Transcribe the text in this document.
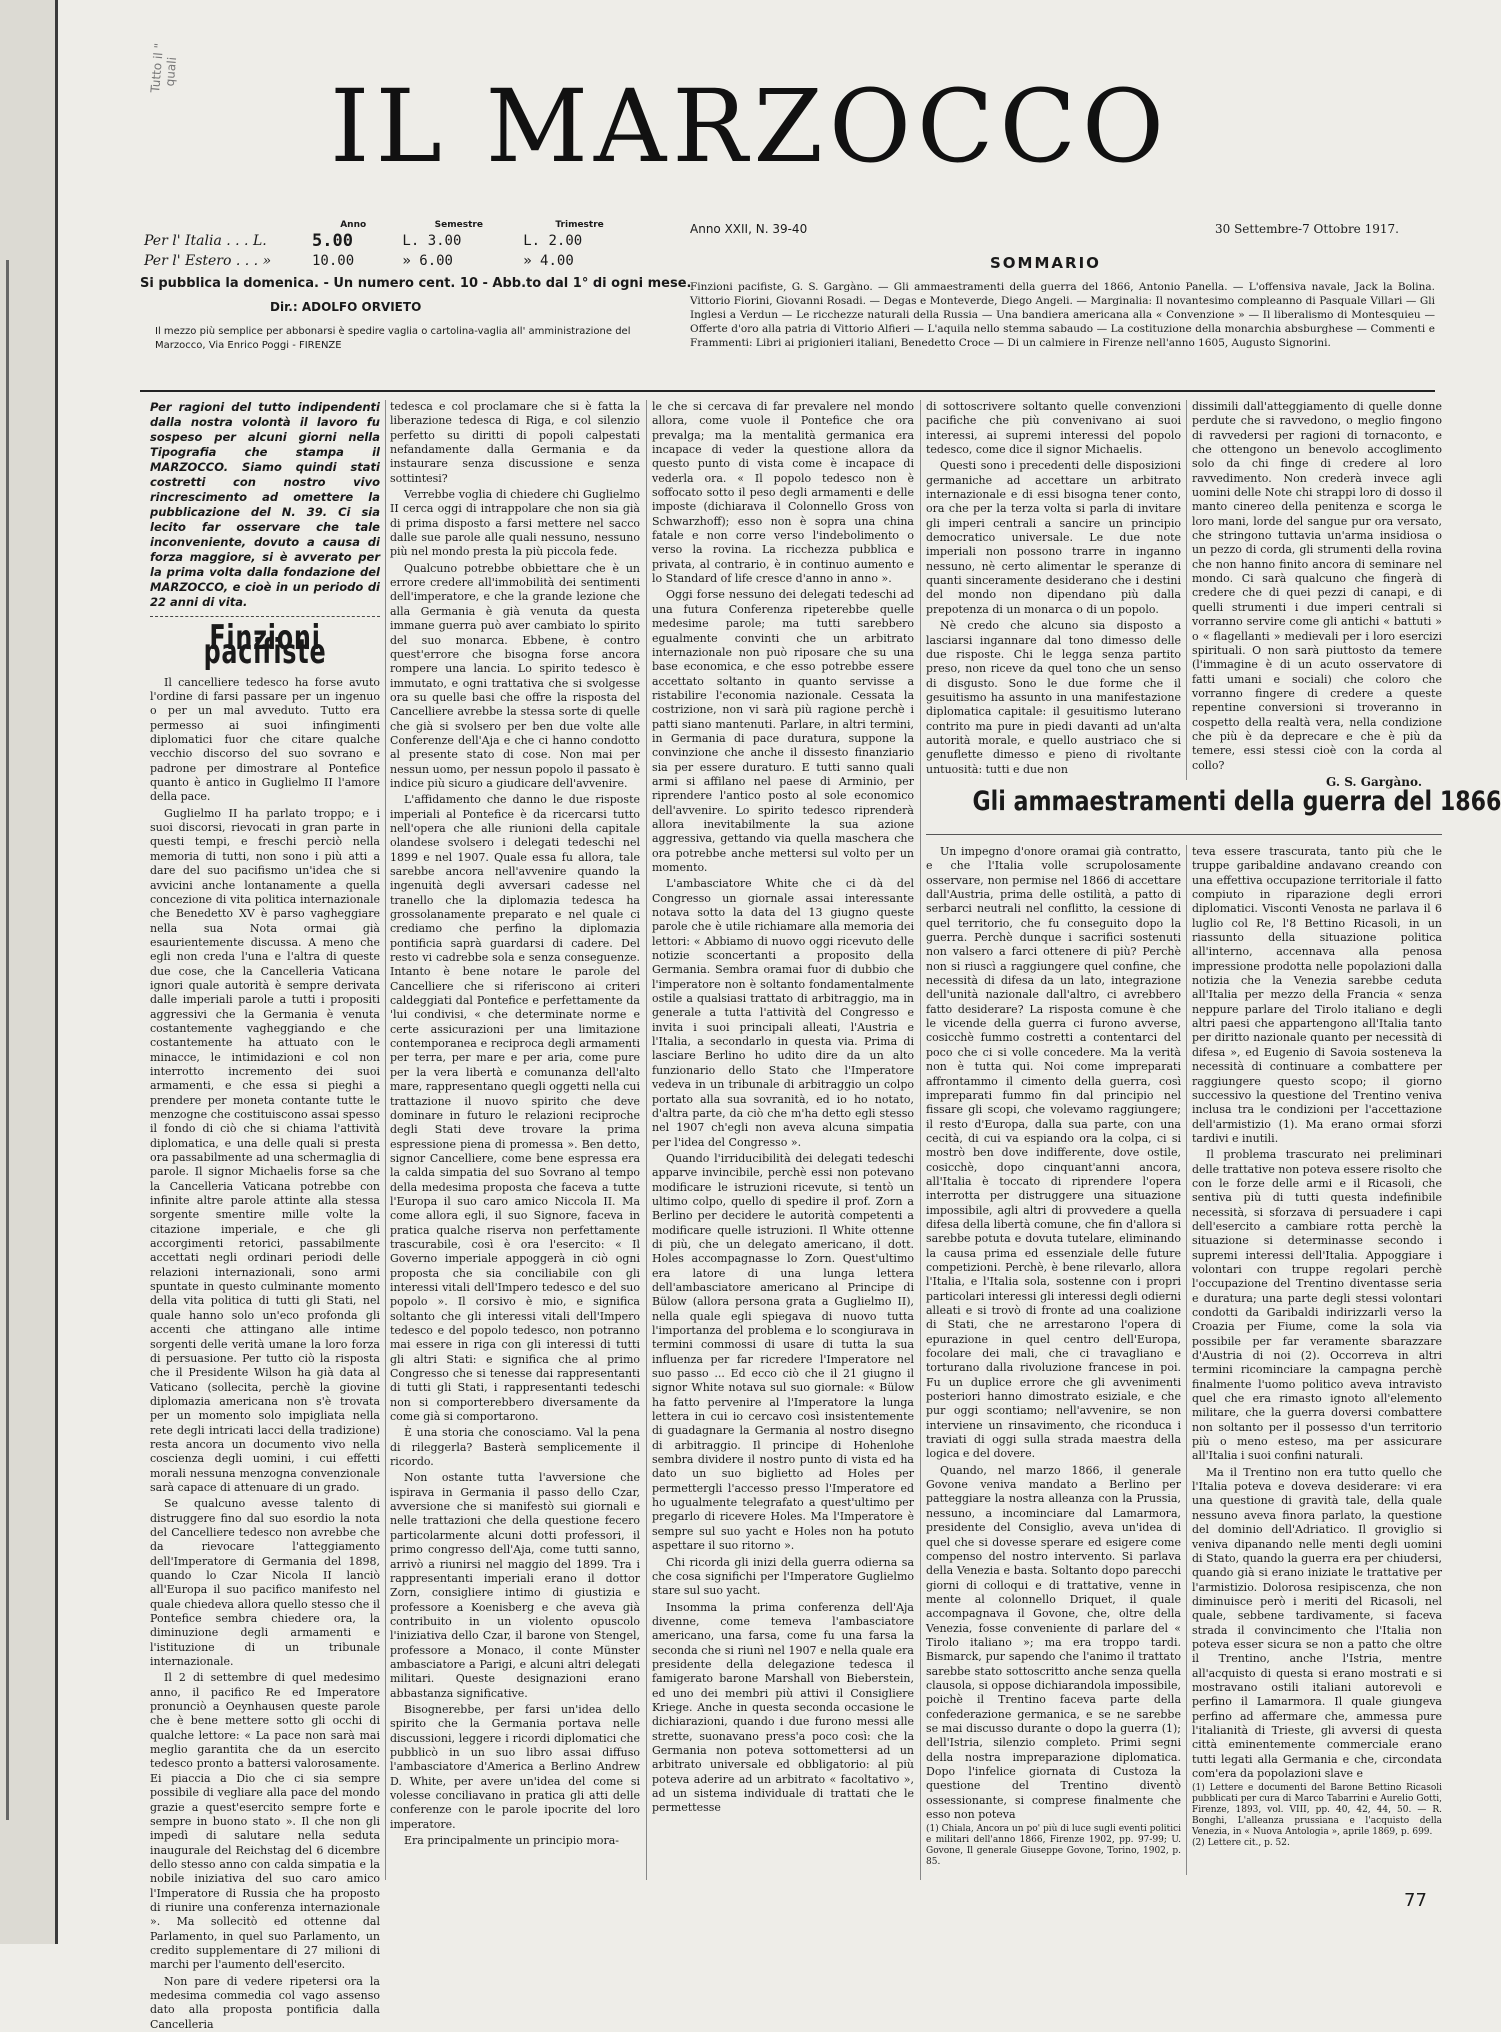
Tutto il "
quali IL MARZOCCO
	Anno	Semestre	Trimestre
Per l' Italia . . . L.	5.00	L. 3.00	L. 2.00
Per l' Estero . . . »	10.00	» 6.00	» 4.00
Si pubblica la domenica. - Un numero cent. 10 - Abb.to dal 1° di ogni mese.
Dir.: ADOLFO ORVIETO
Il mezzo più semplice per abbonarsi è spedire vaglia o cartolina-vaglia all' amministrazione del Marzocco, Via Enrico Poggi - FIRENZE
Anno XXII, N. 39-40	30 Settembre-7 Ottobre 1917.
SOMMARIO
Finzioni pacifiste, G. S. Gargàno. — Gli ammaestramenti della guerra del 1866, Antonio Panella. — L'offensiva navale, Jack la Bolina. Vittorio Fiorini, Giovanni Rosadi. — Degas e Monteverde, Diego Angeli. — Marginalia: Il novantesimo compleanno di Pasquale Villari — Gli Inglesi a Verdun — Le ricchezze naturali della Russia — Una bandiera americana alla « Convenzione » — Il liberalismo di Montesquieu — Offerte d'oro alla patria di Vittorio Alfieri — L'aquila nello stemma sabaudo — La costituzione della monarchia absburghese — Commenti e Frammenti: Libri ai prigionieri italiani, Benedetto Croce — Di un calmiere in Firenze nell'anno 1605, Augusto Signorini.

Per ragioni del tutto indipendenti dalla nostra volontà il lavoro fu sospeso per alcuni giorni nella Tipografia che stampa il MARZOCCO. Siamo quindi stati costretti con nostro vivo rincrescimento ad omettere la pubblicazione del N. 39. Ci sia lecito far osservare che tale inconveniente, dovuto a causa di forza maggiore, si è avverato per la prima volta dalla fondazione del MARZOCCO, e cioè in un periodo di 22 anni di vita.

Finzioni pacifiste

Il cancelliere tedesco ha forse avuto l'ordine di farsi passare per un ingenuo o per un mal avveduto. Tutto era permesso ai suoi infingimenti diplomatici fuor che citare qualche vecchio discorso del suo sovrano e padrone per dimostrare al Pontefice quanto è antico in Guglielmo II l'amore della pace.

Guglielmo II ha parlato troppo; e i suoi discorsi, rievocati in gran parte in questi tempi, e freschi perciò nella memoria di tutti, non sono i più atti a dare del suo pacifismo un'idea che si avvicini anche lontanamente a quella concezione di vita politica internazionale che Benedetto XV è parso vagheggiare nella sua Nota ormai già esaurientemente discussa. A meno che egli non creda l'una e l'altra di queste due cose, che la Cancelleria Vaticana ignori quale autorità è sempre derivata dalle imperiali parole a tutti i propositi aggressivi che la Germania è venuta costantemente vagheggiando e che costantemente ha attuato con le minacce, le intimidazioni e col non interrotto incremento dei suoi armamenti, e che essa si pieghi a prendere per moneta contante tutte le menzogne che costituiscono assai spesso il fondo di ciò che si chiama l'attività diplomatica, e una delle quali si presta ora passabilmente ad una schermaglia di parole. Il signor Michaelis forse sa che la Cancelleria Vaticana potrebbe con infinite altre parole attinte alla stessa sorgente smentire mille volte la citazione imperiale, e che gli accorgimenti retorici, passabilmente accettati negli ordinari periodi delle relazioni internazionali, sono armi spuntate in questo culminante momento della vita politica di tutti gli Stati, nel quale hanno solo un'eco profonda gli accenti che attingano alle intime sorgenti delle verità umane la loro forza di persuasione. Per tutto ciò la risposta che il Presidente Wilson ha già data al Vaticano (sollecita, perchè la giovine diplomazia americana non s'è trovata per un momento solo impigliata nella rete degli intricati lacci della tradizione) resta ancora un documento vivo nella coscienza degli uomini, i cui effetti morali nessuna menzogna convenzionale sarà capace di attenuare di un grado.

Se qualcuno avesse talento di distruggere fino dal suo esordio la nota del Cancelliere tedesco non avrebbe che da rievocare l'atteggiamento dell'Imperatore di Germania del 1898, quando lo Czar Nicola II lanciò all'Europa il suo pacifico manifesto nel quale chiedeva allora quello stesso che il Pontefice sembra chiedere ora, la diminuzione degli armamenti e l'istituzione di un tribunale internazionale.

Il 2 di settembre di quel medesimo anno, il pacifico Re ed Imperatore pronunciò a Oeynhausen queste parole che è bene mettere sotto gli occhi di qualche lettore: « La pace non sarà mai meglio garantita che da un esercito tedesco pronto a battersi valorosamente. Ei piaccia a Dio che ci sia sempre possibile di vegliare alla pace del mondo grazie a quest'esercito sempre forte e sempre in buono stato ». Il che non gli impedì di salutare nella seduta inaugurale del Reichstag del 6 dicembre dello stesso anno con calda simpatia e la nobile iniziativa del suo caro amico l'Imperatore di Russia che ha proposto di riunire una conferenza internazionale ». Ma sollecitò ed ottenne dal Parlamento, in quel suo Parlamento, un credito supplementare di 27 milioni di marchi per l'aumento dell'esercito.

Non pare di vedere ripetersi ora la medesima commedia col vago assenso dato alla proposta pontificia dalla Cancelleria

tedesca e col proclamare che si è fatta la liberazione tedesca di Riga, e col silenzio perfetto su diritti di popoli calpestati nefandamente dalla Germania e da instaurare senza discussione e senza sottintesi?

Verrebbe voglia di chiedere chi Guglielmo II cerca oggi di intrappolare che non sia già di prima disposto a farsi mettere nel sacco dalle sue parole alle quali nessuno, nessuno più nel mondo presta la più piccola fede.

Qualcuno potrebbe obbiettare che è un errore credere all'immobilità dei sentimenti dell'imperatore, e che la grande lezione che alla Germania è già venuta da questa immane guerra può aver cambiato lo spirito del suo monarca. Ebbene, è contro quest'errore che bisogna forse ancora rompere una lancia. Lo spirito tedesco è immutato, e ogni trattativa che si svolgesse ora su quelle basi che offre la risposta del Cancelliere avrebbe la stessa sorte di quelle che già si svolsero per ben due volte alle Conferenze dell'Aja e che ci hanno condotto al presente stato di cose. Non mai per nessun uomo, per nessun popolo il passato è indice più sicuro a giudicare dell'avvenire.

L'affidamento che danno le due risposte imperiali al Pontefice è da ricercarsi tutto nell'opera che alle riunioni della capitale olandese svolsero i delegati tedeschi nel 1899 e nel 1907. Quale essa fu allora, tale sarebbe ancora nell'avvenire quando la ingenuità degli avversari cadesse nel tranello che la diplomazia tedesca ha grossolanamente preparato e nel quale ci crediamo che perfino la diplomazia pontificia saprà guardarsi di cadere. Del resto vi cadrebbe sola e senza conseguenze. Intanto è bene notare le parole del Cancelliere che si riferiscono ai criteri caldeggiati dal Pontefice e perfettamente da 'lui condivisi, « che determinate norme e certe assicurazioni per una limitazione contemporanea e reciproca degli armamenti per terra, per mare e per aria, come pure per la vera libertà e comunanza dell'alto mare, rappresentano quegli oggetti nella cui trattazione il nuovo spirito che deve dominare in futuro le relazioni reciproche degli Stati deve trovare la prima espressione piena di promessa ». Ben detto, signor Cancelliere, come bene espressa era la calda simpatia del suo Sovrano al tempo della medesima proposta che faceva a tutte l'Europa il suo caro amico Niccola II. Ma come allora egli, il suo Signore, faceva in pratica qualche riserva non perfettamente trascurabile, così è ora l'esercito: « Il Governo imperiale appoggerà in ciò ogni proposta che sia conciliabile con gli interessi vitali dell'Impero tedesco e del suo popolo ». Il corsivo è mio, e significa soltanto che gli interessi vitali dell'Impero tedesco e del popolo tedesco, non potranno mai essere in riga con gli interessi di tutti gli altri Stati: e significa che al primo Congresso che si tenesse dai rappresentanti di tutti gli Stati, i rappresentanti tedeschi non si comporterebbero diversamente da come già si comportarono.

È una storia che conosciamo. Val la pena di rileggerla? Basterà semplicemente il ricordo.

Non ostante tutta l'avversione che ispirava in Germania il passo dello Czar, avversione che si manifestò sui giornali e nelle trattazioni che della questione fecero particolarmente alcuni dotti professori, il primo congresso dell'Aja, come tutti sanno, arrivò a riunirsi nel maggio del 1899. Tra i rappresentanti imperiali erano il dottor Zorn, consigliere intimo di giustizia e professore a Koenisberg e che aveva già contribuito in un violento opuscolo l'iniziativa dello Czar, il barone von Stengel, professore a Monaco, il conte Münster ambasciatore a Parigi, e alcuni altri delegati militari. Queste designazioni erano abbastanza significative.

Bisognerebbe, per farsi un'idea dello spirito che la Germania portava nelle discussioni, leggere i ricordi diplomatici che pubblicò in un suo libro assai diffuso l'ambasciatore d'America a Berlino Andrew D. White, per avere un'idea del come si volesse conciliavano in pratica gli atti delle conferenze con le parole ipocrite del loro imperatore.

Era principalmente un principio mora-

le che si cercava di far prevalere nel mondo allora, come vuole il Pontefice che ora prevalga; ma la mentalità germanica era incapace di veder la questione allora da questo punto di vista come è incapace di vederla ora. « Il popolo tedesco non è soffocato sotto il peso degli armamenti e delle imposte (dichiarava il Colonnello Gross von Schwarzhoff); esso non è sopra una china fatale e non corre verso l'indebolimento o verso la rovina. La ricchezza pubblica e privata, al contrario, è in continuo aumento e lo Standard of life cresce d'anno in anno ».

Oggi forse nessuno dei delegati tedeschi ad una futura Conferenza ripeterebbe quelle medesime parole; ma tutti sarebbero egualmente convinti che un arbitrato internazionale non può riposare che su una base economica, e che esso potrebbe essere accettato soltanto in quanto servisse a ristabilire l'economia nazionale. Cessata la costrizione, non vi sarà più ragione perchè i patti siano mantenuti. Parlare, in altri termini, in Germania di pace duratura, suppone la convinzione che anche il dissesto finanziario sia per essere duraturo. E tutti sanno quali armi si affilano nel paese di Arminio, per riprendere l'antico posto al sole economico dell'avvenire. Lo spirito tedesco riprenderà allora inevitabilmente la sua azione aggressiva, gettando via quella maschera che ora potrebbe anche mettersi sul volto per un momento.

L'ambasciatore White che ci dà del Congresso un giornale assai interessante notava sotto la data del 13 giugno queste parole che è utile richiamare alla memoria dei lettori: « Abbiamo di nuovo oggi ricevuto delle notizie sconcertanti a proposito della Germania. Sembra oramai fuor di dubbio che l'imperatore non è soltanto fondamentalmente ostile a qualsiasi trattato di arbitraggio, ma in generale a tutta l'attività del Congresso e invita i suoi principali alleati, l'Austria e l'Italia, a secondarlo in questa via. Prima di lasciare Berlino ho udito dire da un alto funzionario dello Stato che l'Imperatore vedeva in un tribunale di arbitraggio un colpo portato alla sua sovranità, ed io ho notato, d'altra parte, da ciò che m'ha detto egli stesso nel 1907 ch'egli non aveva alcuna simpatia per l'idea del Congresso ».

Quando l'irriducibilità dei delegati tedeschi apparve invincibile, perchè essi non potevano modificare le istruzioni ricevute, si tentò un ultimo colpo, quello di spedire il prof. Zorn a Berlino per decidere le autorità competenti a modificare quelle istruzioni. Il White ottenne di più, che un delegato americano, il dott. Holes accompagnasse lo Zorn. Quest'ultimo era latore di una lunga lettera dell'ambasciatore americano al Principe di Bülow (allora persona grata a Guglielmo II), nella quale egli spiegava di nuovo tutta l'importanza del problema e lo scongiurava in termini commossi di usare di tutta la sua influenza per far ricredere l'Imperatore nel suo passo ... Ed ecco ciò che il 21 giugno il signor White notava sul suo giornale: « Bülow ha fatto pervenire al l'Imperatore la lunga lettera in cui io cercavo così insistentemente di guadagnare la Germania al nostro disegno di arbitraggio. Il principe di Hohenlohe sembra dividere il nostro punto di vista ed ha dato un suo biglietto ad Holes per permettergli l'accesso presso l'Imperatore ed ho ugualmente telegrafato a quest'ultimo per pregarlo di ricevere Holes. Ma l'Imperatore è sempre sul suo yacht e Holes non ha potuto aspettare il suo ritorno ».

Chi ricorda gli inizi della guerra odierna sa che cosa significhi per l'Imperatore Guglielmo stare sul suo yacht.

Insomma la prima conferenza dell'Aja divenne, come temeva l'ambasciatore americano, una farsa, come fu una farsa la seconda che si riunì nel 1907 e nella quale era presidente della delegazione tedesca il famigerato barone Marshall von Bieberstein, ed uno dei membri più attivi il Consigliere Kriege. Anche in questa seconda occasione le dichiarazioni, quando i due furono messi alle strette, suonavano press'a poco così: che la Germania non poteva sottomettersi ad un arbitrato universale ed obbligatorio: al più poteva aderire ad un arbitrato « facoltativo », ad un sistema individuale di trattati che le permettesse

di sottoscrivere soltanto quelle convenzioni pacifiche che più convenivano ai suoi interessi, ai supremi interessi del popolo tedesco, come dice il signor Michaelis.

Questi sono i precedenti delle disposizioni germaniche ad accettare un arbitrato internazionale e di essi bisogna tener conto, ora che per la terza volta si parla di invitare gli imperi centrali a sancire un principio democratico universale. Le due note imperiali non possono trarre in inganno nessuno, nè certo alimentar le speranze di quanti sinceramente desiderano che i destini del mondo non dipendano più dalla prepotenza di un monarca o di un popolo.

Nè credo che alcuno sia disposto a lasciarsi ingannare dal tono dimesso delle due risposte. Chi le legga senza partito preso, non riceve da quel tono che un senso di disgusto. Sono le due forme che il gesuitismo ha assunto in una manifestazione diplomatica capitale: il gesuitismo luterano contrito ma pure in piedi davanti ad un'alta autorità morale, e quello austriaco che si genuflette dimesso e pieno di rivoltante untuosità: tutti e due non

dissimili dall'atteggiamento di quelle donne perdute che si ravvedono, o meglio fingono di ravvedersi per ragioni di tornaconto, e che ottengono un benevolo accoglimento solo da chi finge di credere al loro ravvedimento. Non crederà invece agli uomini delle Note chi strappi loro di dosso il manto cinereo della penitenza e scorga le loro mani, lorde del sangue pur ora versato, che stringono tuttavia un'arma insidiosa o un pezzo di corda, gli strumenti della rovina che non hanno finito ancora di seminare nel mondo. Ci sarà qualcuno che fingerà di credere che di quei pezzi di canapi, e di quelli strumenti i due imperi centrali si vorranno servire come gli antichi « battuti » o « flagellanti » medievali per i loro esercizi spirituali. O non sarà piuttosto da temere (l'immagine è di un acuto osservatore di fatti umani e sociali) che coloro che vorranno fingere di credere a queste repentine conversioni si troveranno in cospetto della realtà vera, nella condizione che più è da deprecare e che è più da temere, essi stessi cioè con la corda al collo?

G. S. Gargàno.
Gli ammaestramenti della guerra del 1866

Un impegno d'onore oramai già contratto, e che l'Italia volle scrupolosamente osservare, non permise nel 1866 di accettare dall'Austria, prima delle ostilità, a patto di serbarci neutrali nel conflitto, la cessione di quel territorio, che fu conseguito dopo la guerra. Perchè dunque i sacrifici sostenuti non valsero a farci ottenere di più? Perchè non si riuscì a raggiungere quel confine, che necessità di difesa da un lato, integrazione dell'unità nazionale dall'altro, ci avrebbero fatto desiderare? La risposta comune è che le vicende della guerra ci furono avverse, cosicchè fummo costretti a contentarci del poco che ci si volle concedere. Ma la verità non è tutta qui. Noi come impreparati affrontammo il cimento della guerra, così impreparati fummo fin dal principio nel fissare gli scopi, che volevamo raggiungere; il resto d'Europa, dalla sua parte, con una cecità, di cui va espiando ora la colpa, ci si mostrò ben dove indifferente, dove ostile, cosicchè, dopo cinquant'anni ancora, all'Italia è toccato di riprendere l'opera interrotta per distruggere una situazione impossibile, agli altri di provvedere a quella difesa della libertà comune, che fin d'allora si sarebbe potuta e dovuta tutelare, eliminando la causa prima ed essenziale delle future competizioni. Perchè, è bene rilevarlo, allora l'Italia, e l'Italia sola, sostenne con i propri particolari interessi gli interessi degli odierni alleati e si trovò di fronte ad una coalizione di Stati, che ne arrestarono l'opera di epurazione in quel centro dell'Europa, focolare dei mali, che ci travagliano e torturano dalla rivoluzione francese in poi. Fu un duplice errore che gli avvenimenti posteriori hanno dimostrato esiziale, e che pur oggi scontiamo; nell'avvenire, se non interviene un rinsavimento, che riconduca i traviati di oggi sulla strada maestra della logica e del dovere.

Quando, nel marzo 1866, il generale Govone veniva mandato a Berlino per patteggiare la nostra alleanza con la Prussia, nessuno, a incominciare dal Lamarmora, presidente del Consiglio, aveva un'idea di quel che si dovesse sperare ed esigere come compenso del nostro intervento. Si parlava della Venezia e basta. Soltanto dopo parecchi giorni di colloqui e di trattative, venne in mente al colonnello Driquet, il quale accompagnava il Govone, che, oltre della Venezia, fosse conveniente di parlare del « Tirolo italiano »; ma era troppo tardi. Bismarck, pur sapendo che l'animo il trattato sarebbe stato sottoscritto anche senza quella clausola, si oppose dichiarandola impossibile, poichè il Trentino faceva parte della confederazione germanica, e se ne sarebbe se mai discusso durante o dopo la guerra (1); dell'Istria, silenzio completo. Primi segni della nostra impreparazione diplomatica. Dopo l'infelice giornata di Custoza la questione del Trentino diventò ossessionante, si comprese finalmente che esso non poteva

(1) Chiala, Ancora un po' più di luce sugli eventi politici e militari dell'anno 1866, Firenze 1902, pp. 97-99; U. Govone, Il generale Giuseppe Govone, Torino, 1902, p. 85.

teva essere trascurata, tanto più che le truppe garibaldine andavano creando con una effettiva occupazione territoriale il fatto compiuto in riparazione degli errori diplomatici. Visconti Venosta ne parlava il 6 luglio col Re, l'8 Bettino Ricasoli, in un riassunto della situazione politica all'interno, accennava alla penosa impressione prodotta nelle popolazioni dalla notizia che la Venezia sarebbe ceduta all'Italia per mezzo della Francia « senza neppure parlare del Tirolo italiano e degli altri paesi che appartengono all'Italia tanto per diritto nazionale quanto per necessità di difesa », ed Eugenio di Savoia sosteneva la necessità di continuare a combattere per raggiungere questo scopo; il giorno successivo la questione del Trentino veniva inclusa tra le condizioni per l'accettazione dell'armistizio (1). Ma erano ormai sforzi tardivi e inutili.

Il problema trascurato nei preliminari delle trattative non poteva essere risolto che con le forze delle armi e il Ricasoli, che sentiva più di tutti questa indefinibile necessità, si sforzava di persuadere i capi dell'esercito a cambiare rotta perchè la situazione si determinasse secondo i supremi interessi dell'Italia. Appoggiare i volontari con truppe regolari perchè l'occupazione del Trentino diventasse seria e duratura; una parte degli stessi volontari condotti da Garibaldi indirizzarli verso la Croazia per Fiume, come la sola via possibile per far veramente sbarazzare d'Austria di noi (2). Occorreva in altri termini ricominciare la campagna perchè finalmente l'uomo politico aveva intravisto quel che era rimasto ignoto all'elemento militare, che la guerra doversi combattere non soltanto per il possesso d'un territorio più o meno esteso, ma per assicurare all'Italia i suoi confini naturali.

Ma il Trentino non era tutto quello che l'Italia poteva e doveva desiderare: vi era una questione di gravità tale, della quale nessuno aveva finora parlato, la questione del dominio dell'Adriatico. Il groviglio si veniva dipanando nelle menti degli uomini di Stato, quando la guerra era per chiudersi, quando già si erano iniziate le trattative per l'armistizio. Dolorosa resipiscenza, che non diminuisce però i meriti del Ricasoli, nel quale, sebbene tardivamente, si faceva strada il convincimento che l'Italia non poteva esser sicura se non a patto che oltre il Trentino, anche l'Istria, mentre all'acquisto di questa si erano mostrati e si mostravano ostili italiani autorevoli e perfino il Lamarmora. Il quale giungeva perfino ad affermare che, ammessa pure l'italianità di Trieste, gli avversi di questa città eminentemente commerciale erano tutti legati alla Germania e che, circondata com'era da popolazioni slave e

(1) Lettere e documenti del Barone Bettino Ricasoli pubblicati per cura di Marco Tabarrini e Aurelio Gotti, Firenze, 1893, vol. VIII, pp. 40, 42, 44, 50. — R. Bonghi, L'alleanza prussiana e l'acquisto della Venezia, in « Nuova Antologia », aprile 1869, p. 699.
(2) Lettere cit., p. 52.
77
